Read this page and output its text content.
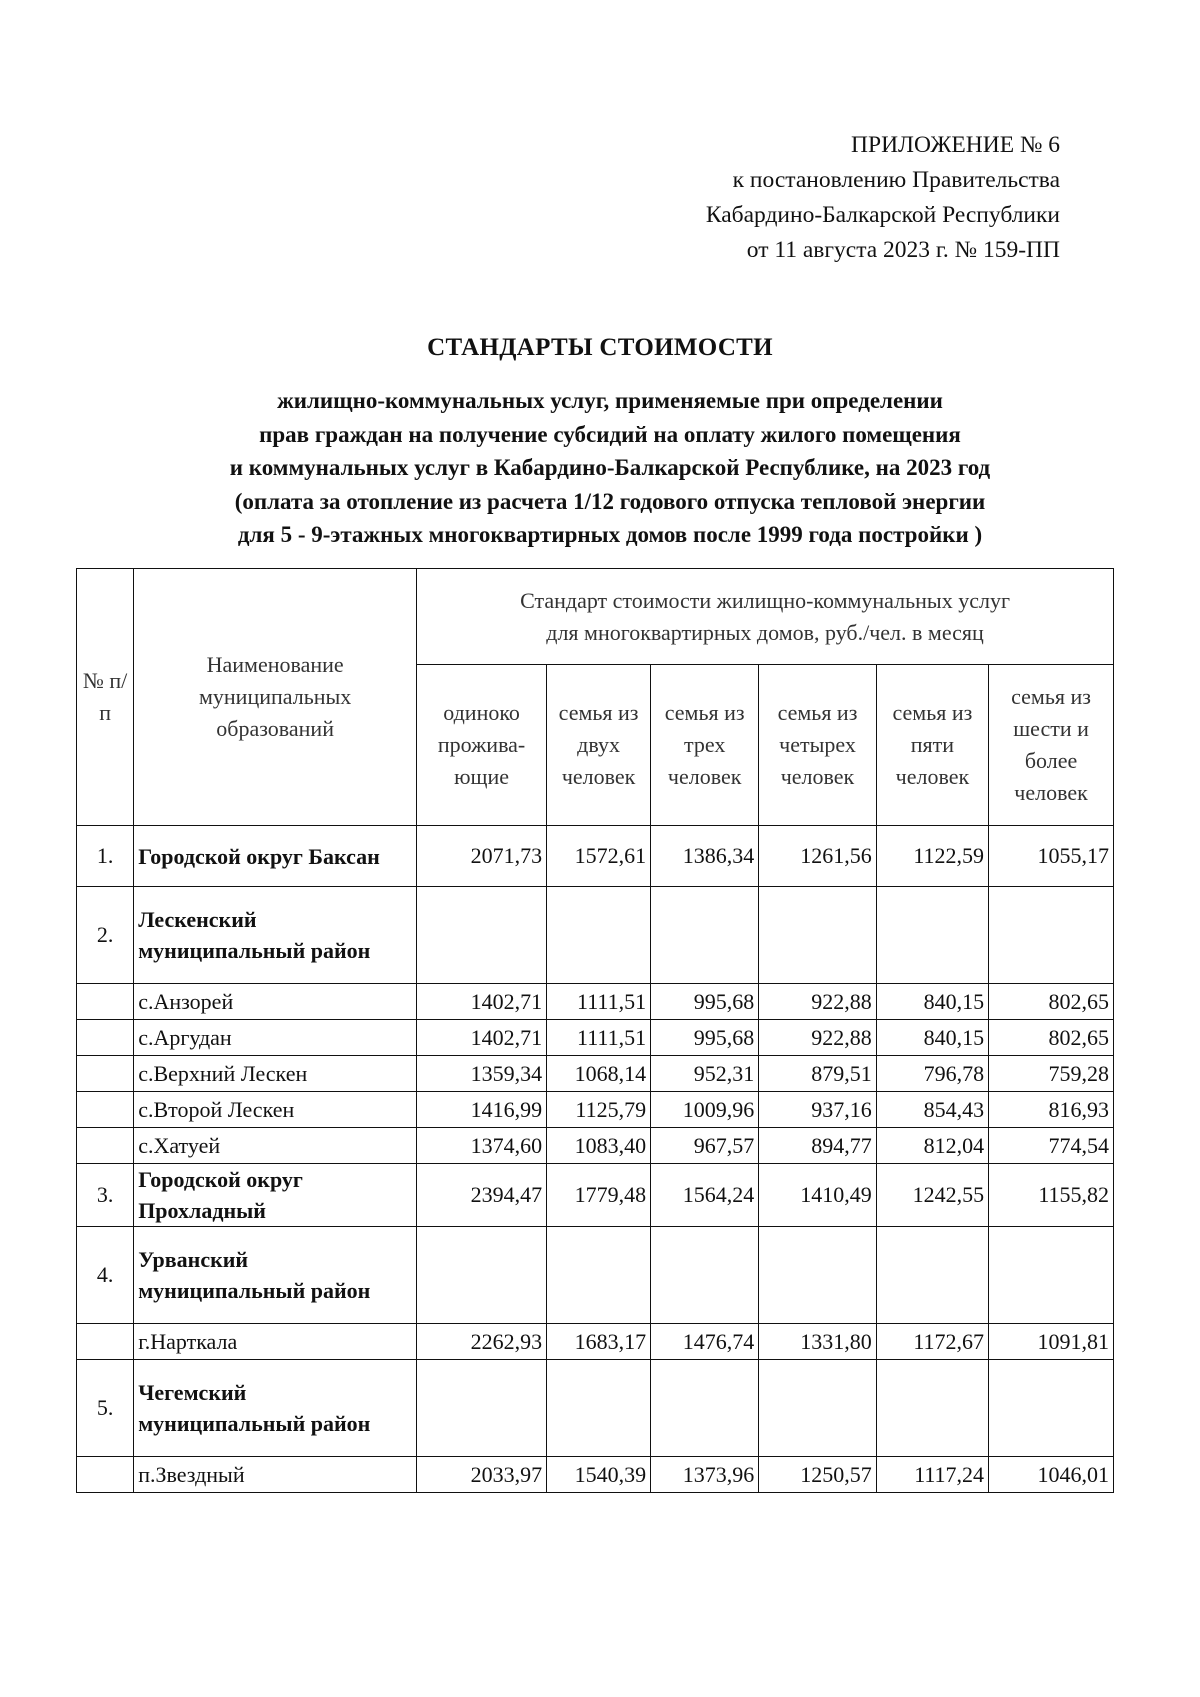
ПРИЛОЖЕНИЕ № 6
к постановлению Правительства
Кабардино-Балкарской Республики
от 11 августа 2023 г. № 159-ПП
СТАНДАРТЫ СТОИМОСТИ
жилищно-коммунальных услуг, применяемые при определении
прав граждан на получение субсидий на оплату жилого помещения
и коммунальных услуг в Кабардино-Балкарской Республике, на 2023 год
(оплата за отопление из расчета 1/12 годового отпуска тепловой энергии
для 5 - 9-этажных многоквартирных домов после 1999 года постройки )
№ п/п	Наименование муниципальных образований	Стандарт стоимости жилищно-коммунальных услуг
для многоквартирных домов, руб./чел. в месяц					

		одиноко прожива-ющие	семья из двух человек	семья из трех человек	семья из четырех человек	семья из пяти человек	семья из шести и более человек
1.	Городской округ Баксан	2071,73	1572,61	1386,34	1261,56	1122,59	1055,17
2.	Лескенский муниципальный район						
	с.Анзорей	1402,71	1111,51	995,68	922,88	840,15	802,65
	с.Аргудан	1402,71	1111,51	995,68	922,88	840,15	802,65
	с.Верхний Лескен	1359,34	1068,14	952,31	879,51	796,78	759,28
	с.Второй Лескен	1416,99	1125,79	1009,96	937,16	854,43	816,93
	с.Хатуей	1374,60	1083,40	967,57	894,77	812,04	774,54
3.	Городской округ Прохладный	2394,47	1779,48	1564,24	1410,49	1242,55	1155,82
4.	Урванский муниципальный район						
	г.Нарткала	2262,93	1683,17	1476,74	1331,80	1172,67	1091,81
5.	Чегемский муниципальный район						
	п.Звездный	2033,97	1540,39	1373,96	1250,57	1117,24	1046,01
